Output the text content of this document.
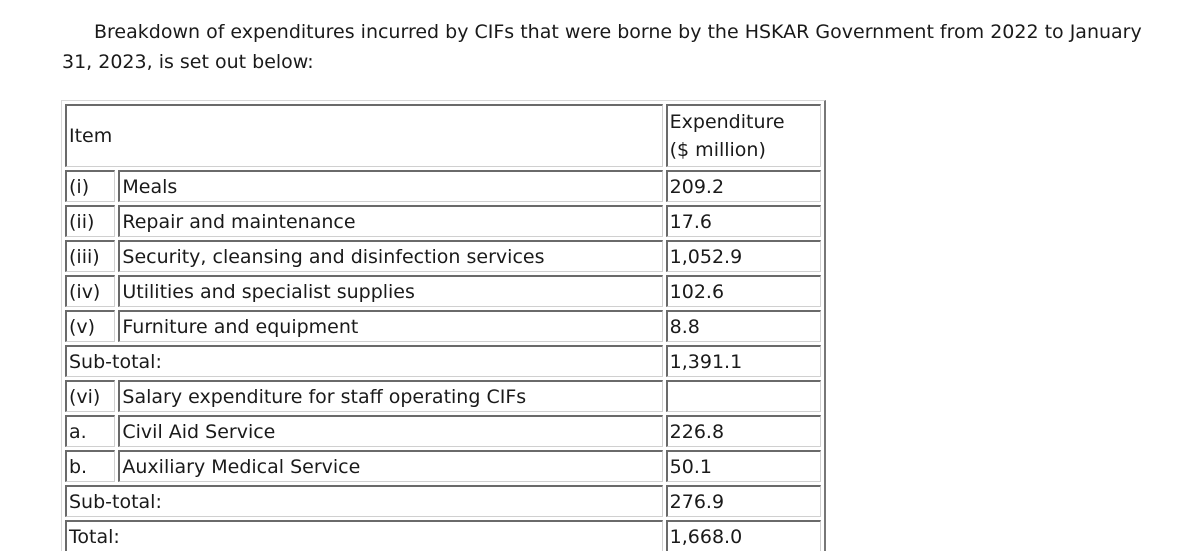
Breakdown of expenditures incurred by CIFs that were borne by the HSKAR Government from 2022 to January 31, 2023, is set out below:

Item		Expenditure
($ million)
(i)	Meals	209.2
(ii)	Repair and maintenance	17.6
(iii)	Security, cleansing and disinfection services	1,052.9
(iv)	Utilities and specialist supplies	102.6
(v)	Furniture and equipment	8.8
Sub-total:		1,391.1
(vi)	Salary expenditure for staff operating CIFs	
a.	Civil Aid Service	226.8
b.	Auxiliary Medical Service	50.1
Sub-total:		276.9
Total:		1,668.0
